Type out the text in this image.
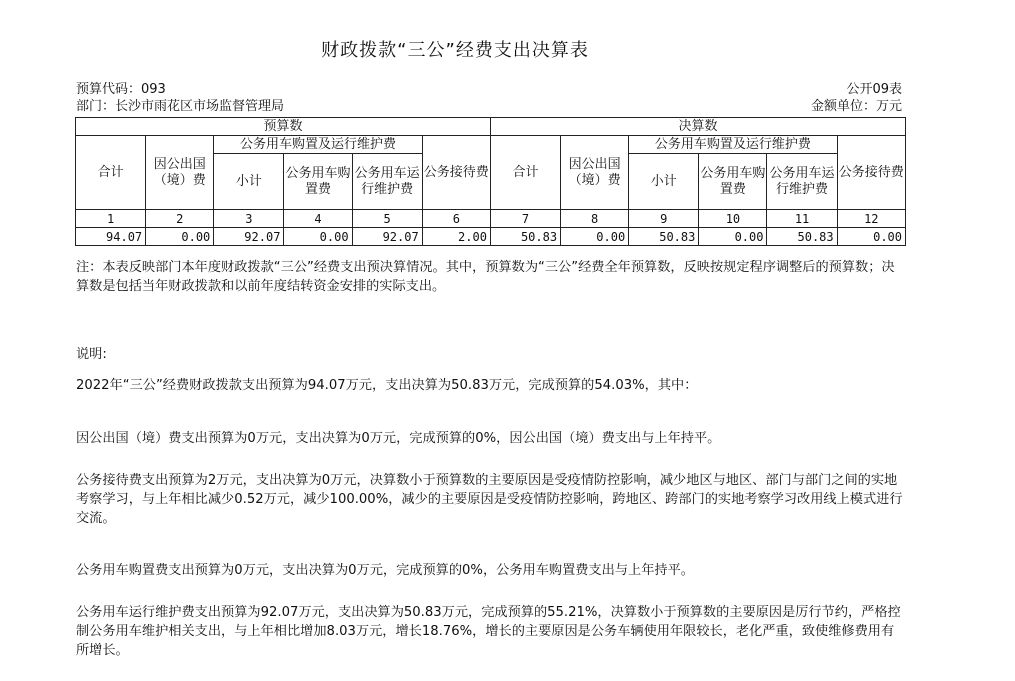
财政拨款“三公”经费支出决算表
预算代码：093	公开09表
部门：长沙市雨花区市场监督管理局	金额单位：万元
预算数						决算数					
合计	因公出国（境）费	公务用车购置及运行维护费			公务接待费	合计	因公出国（境）费	公务用车购置及运行维护费			公务接待费
		小计	公务用车购置费	公务用车运行维护费				小计	公务用车购置费	公务用车运行维护费	
1	2	3	4	5	6	7	8	9	10	11	12
94.07	0.00	92.07	0.00	92.07	2.00	50.83	0.00	50.83	0.00	50.83	0.00
注：本表反映部门本年度财政拨款“三公”经费支出预决算情况。其中，预算数为“三公”经费全年预算数，反映按规定程序调整后的预算数；决算数是包括当年财政拨款和以前年度结转资金安排的实际支出。
说明:
2022年“三公”经费财政拨款支出预算为94.07万元，支出决算为50.83万元，完成预算的54.03%，其中：
因公出国（境）费支出预算为0万元，支出决算为0万元，完成预算的0%，因公出国（境）费支出与上年持平。
公务接待费支出预算为2万元，支出决算为0万元，决算数小于预算数的主要原因是受疫情防控影响，减少地区与地区、部门与部门之间的实地考察学习，与上年相比减少0.52万元，减少100.00%，减少的主要原因是受疫情防控影响，跨地区、跨部门的实地考察学习改用线上模式进行交流。
公务用车购置费支出预算为0万元，支出决算为0万元，完成预算的0%，公务用车购置费支出与上年持平。
公务用车运行维护费支出预算为92.07万元，支出决算为50.83万元，完成预算的55.21%，决算数小于预算数的主要原因是厉行节约，严格控制公务用车维护相关支出，与上年相比增加8.03万元，增长18.76%，增长的主要原因是公务车辆使用年限较长，老化严重，致使维修费用有所增长。
